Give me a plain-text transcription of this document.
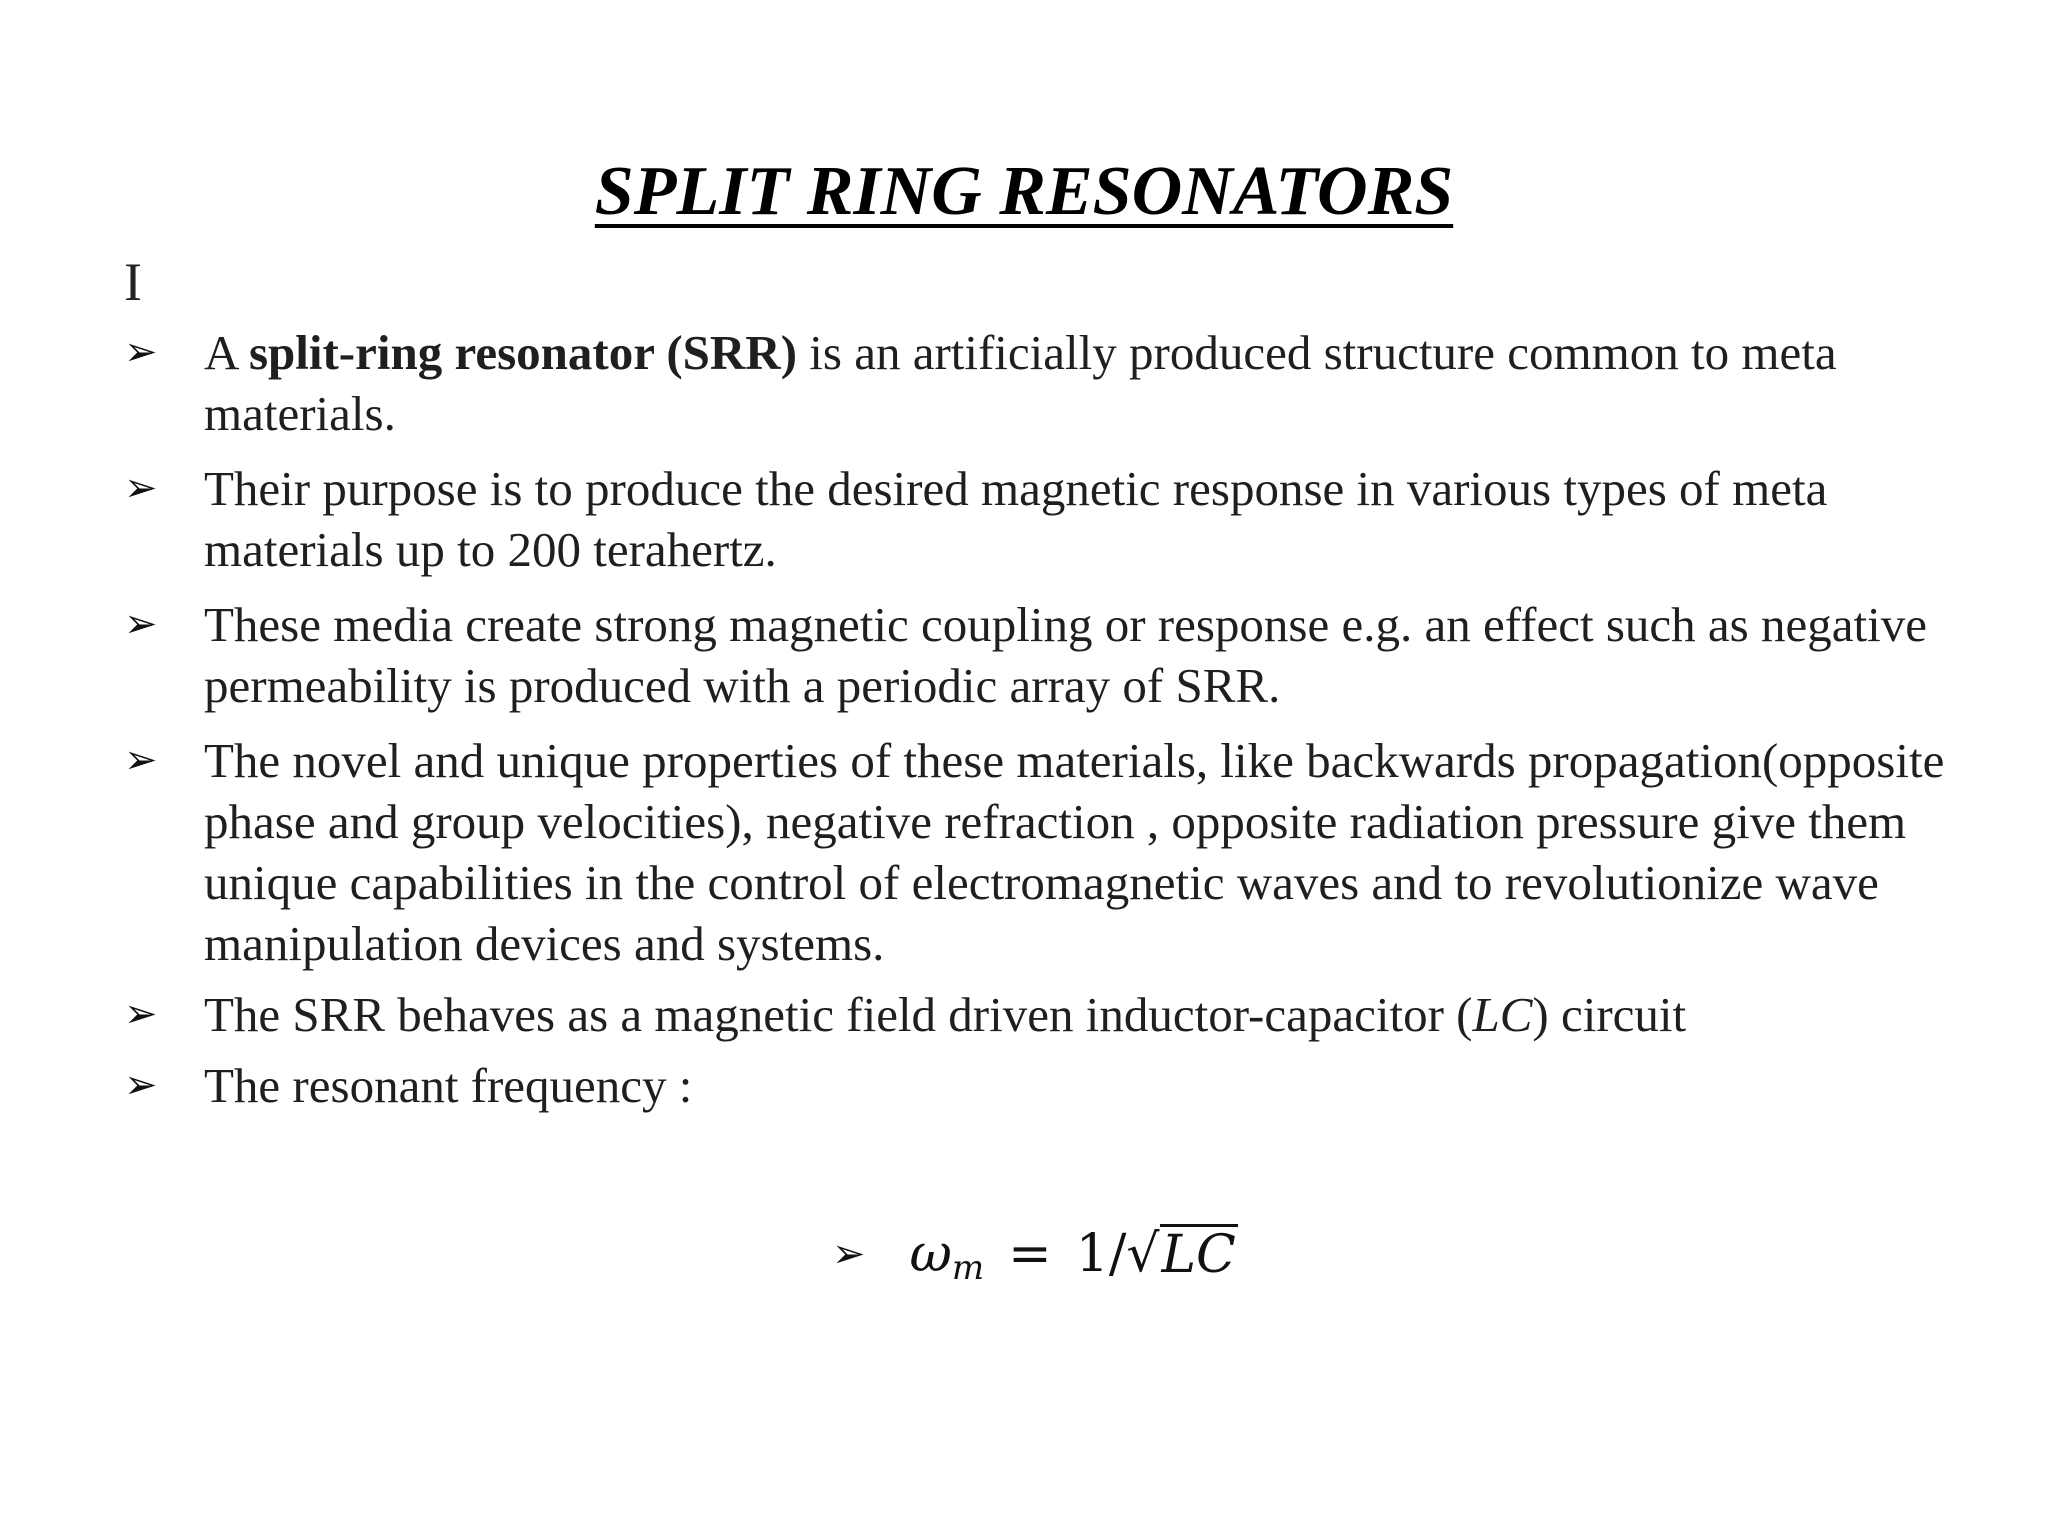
SPLIT RING RESONATORS
I
➢ A split-ring resonator (SRR) is an artificially produced structure common to meta materials.
➢ Their purpose is to produce the desired magnetic response in various types of meta materials up to 200 terahertz.
➢ These media create strong magnetic coupling or response e.g. an effect such as negative permeability is produced with a periodic array of SRR.
➢ The novel and unique properties of these materials, like backwards propagation(opposite phase and group velocities), negative refraction , opposite radiation pressure give them unique capabilities in the control of electromagnetic waves and to revolutionize wave manipulation devices and systems.
➢ The SRR behaves as a magnetic field driven inductor-capacitor (LC) circuit
➢ The resonant frequency :
➢ $\omega_m = 1/$ √ LC
